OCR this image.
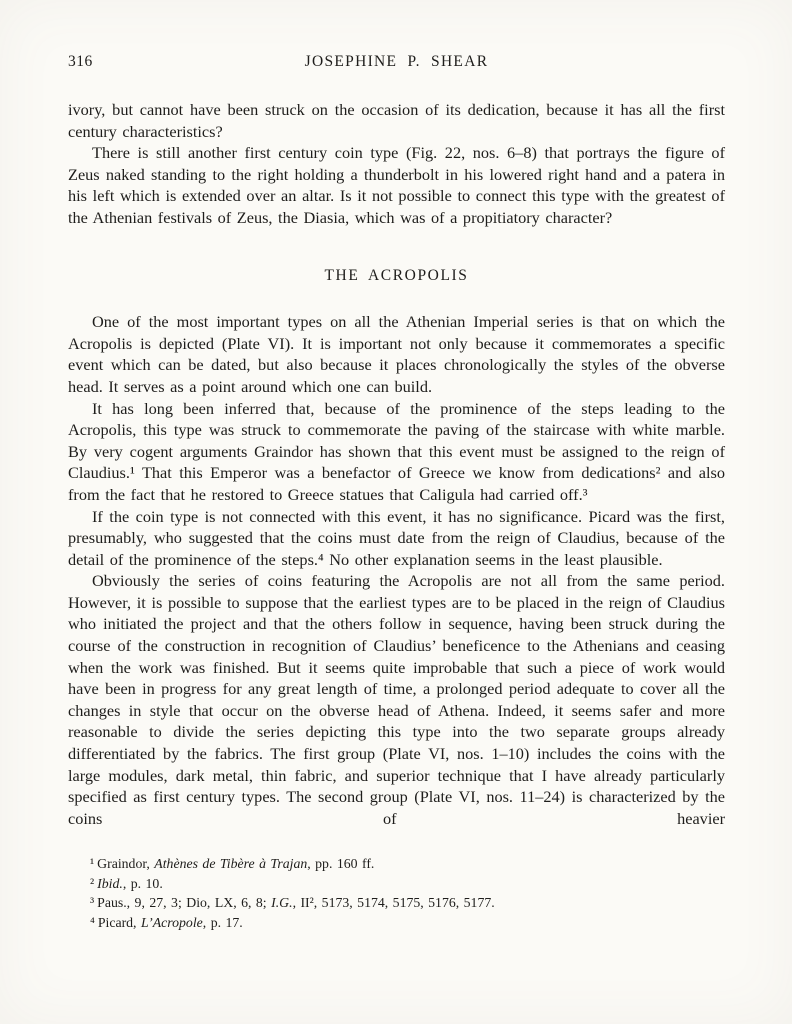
316	JOSEPHINE P. SHEAR

ivory, but cannot have been struck on the occasion of its dedication, because it has all the first century characteristics?

There is still another first century coin type (Fig. 22, nos. 6–8) that portrays the figure of Zeus naked standing to the right holding a thunderbolt in his lowered right hand and a patera in his left which is extended over an altar. Is it not possible to connect this type with the greatest of the Athenian festivals of Zeus, the Diasia, which was of a propitiatory character?

THE ACROPOLIS

One of the most important types on all the Athenian Imperial series is that on which the Acropolis is depicted (Plate VI). It is important not only because it commemorates a specific event which can be dated, but also because it places chronologically the styles of the obverse head. It serves as a point around which one can build.

It has long been inferred that, because of the prominence of the steps leading to the Acropolis, this type was struck to commemorate the paving of the staircase with white marble. By very cogent arguments Graindor has shown that this event must be assigned to the reign of Claudius.¹ That this Emperor was a benefactor of Greece we know from dedications² and also from the fact that he restored to Greece statues that Caligula had carried off.³

If the coin type is not connected with this event, it has no significance. Picard was the first, presumably, who suggested that the coins must date from the reign of Claudius, because of the detail of the prominence of the steps.⁴ No other explanation seems in the least plausible.

Obviously the series of coins featuring the Acropolis are not all from the same period. However, it is possible to suppose that the earliest types are to be placed in the reign of Claudius who initiated the project and that the others follow in sequence, having been struck during the course of the construction in recognition of Claudius’ beneficence to the Athenians and ceasing when the work was finished. But it seems quite improbable that such a piece of work would have been in progress for any great length of time, a prolonged period adequate to cover all the changes in style that occur on the obverse head of Athena. Indeed, it seems safer and more reasonable to divide the series depicting this type into the two separate groups already differentiated by the fabrics. The first group (Plate VI, nos. 1–10) includes the coins with the large modules, dark metal, thin fabric, and superior technique that I have already particularly specified as first century types. The second group (Plate VI, nos. 11–24) is characterized by the coins of heavier

¹ Graindor, Athènes de Tibère à Trajan, pp. 160 ff.

² Ibid., p. 10.

³ Paus., 9, 27, 3; Dio, LX, 6, 8; I.G., II², 5173, 5174, 5175, 5176, 5177.

⁴ Picard, L’Acropole, p. 17.
